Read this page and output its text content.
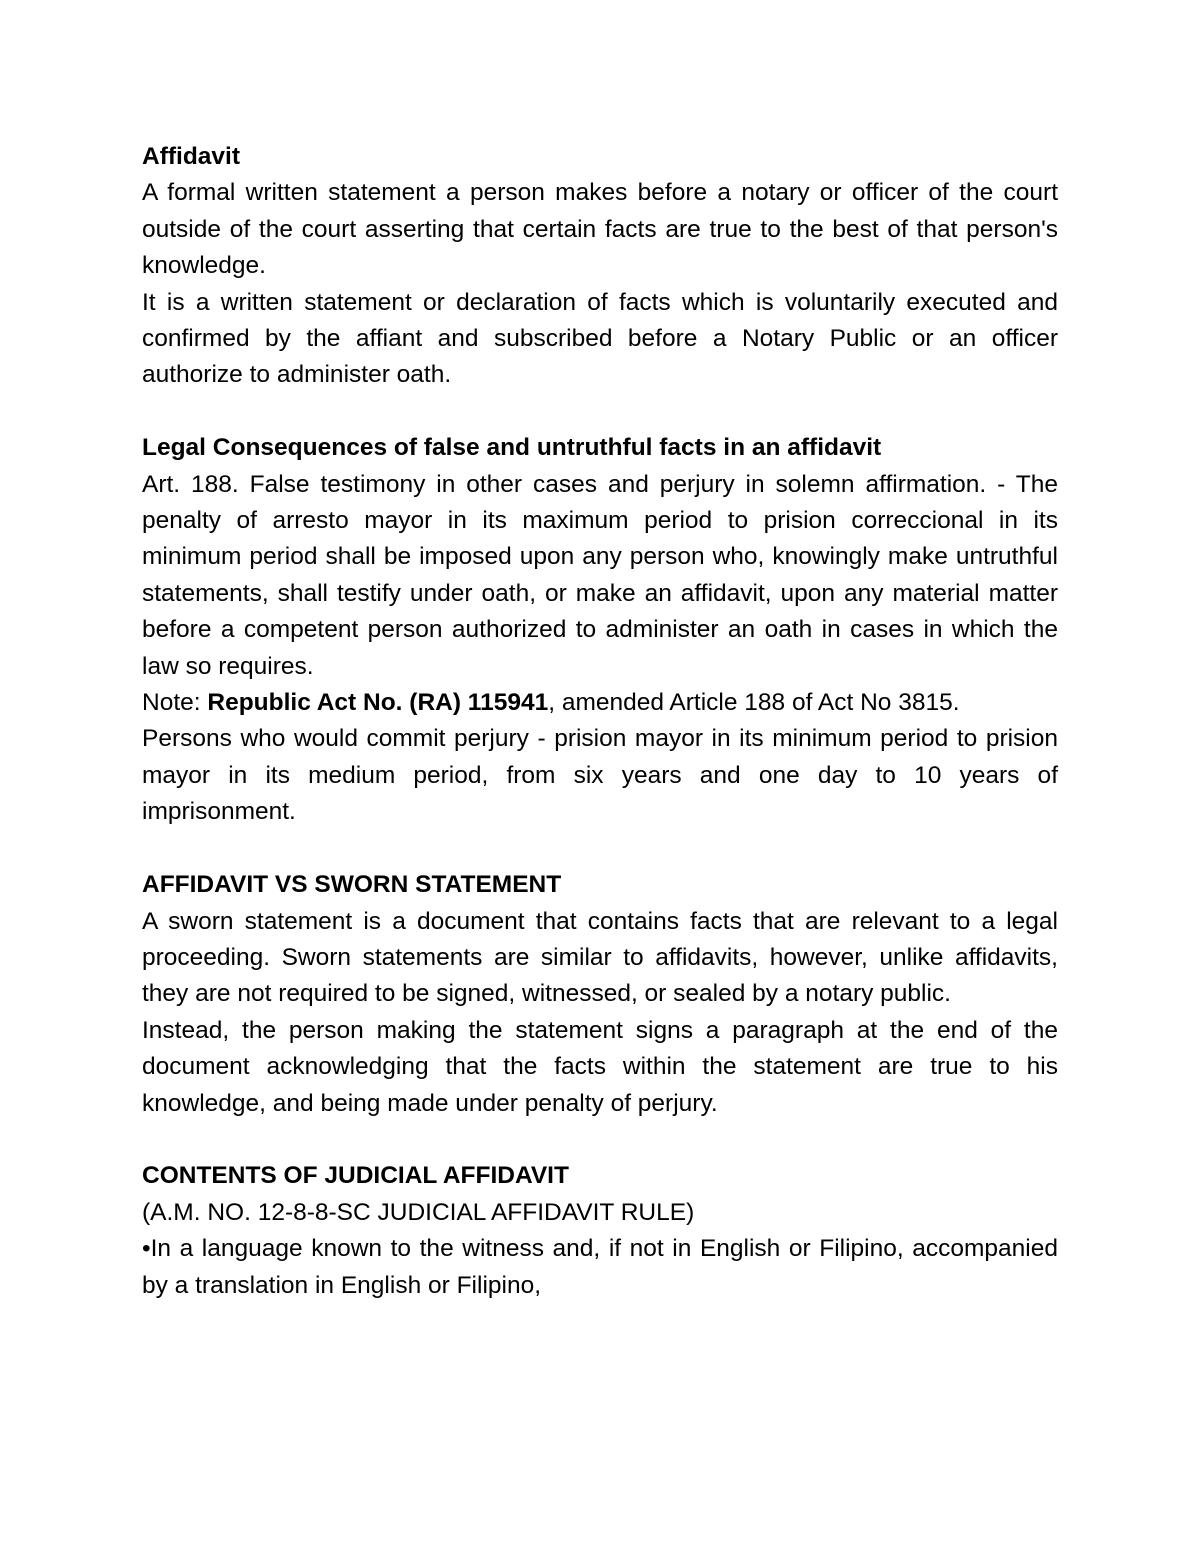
Affidavit

A formal written statement a person makes before a notary or officer of the court outside of the court asserting that certain facts are true to the best of that person's knowledge.

It is a written statement or declaration of facts which is voluntarily executed and confirmed by the affiant and subscribed before a Notary Public or an officer authorize to administer oath.

Legal Consequences of false and untruthful facts in an affidavit

Art. 188. False testimony in other cases and perjury in solemn affirmation. - The penalty of arresto mayor in its maximum period to prision correccional in its minimum period shall be imposed upon any person who, knowingly make untruthful statements, shall testify under oath, or make an affidavit, upon any material matter before a competent person authorized to administer an oath in cases in which the law so requires.

Note: Republic Act No. (RA) 115941, amended Article 188 of Act No 3815.

Persons who would commit perjury - prision mayor in its minimum period to prision mayor in its medium period, from six years and one day to 10 years of imprisonment.

AFFIDAVIT VS SWORN STATEMENT

A sworn statement is a document that contains facts that are relevant to a legal proceeding. Sworn statements are similar to affidavits, however, unlike affidavits, they are not required to be signed, witnessed, or sealed by a notary public.

Instead, the person making the statement signs a paragraph at the end of the document acknowledging that the facts within the statement are true to his knowledge, and being made under penalty of perjury.

CONTENTS OF JUDICIAL AFFIDAVIT

(A.M. NO. 12-8-8-SC JUDICIAL AFFIDAVIT RULE)

•In a language known to the witness and, if not in English or Filipino, accompanied by a translation in English or Filipino,
